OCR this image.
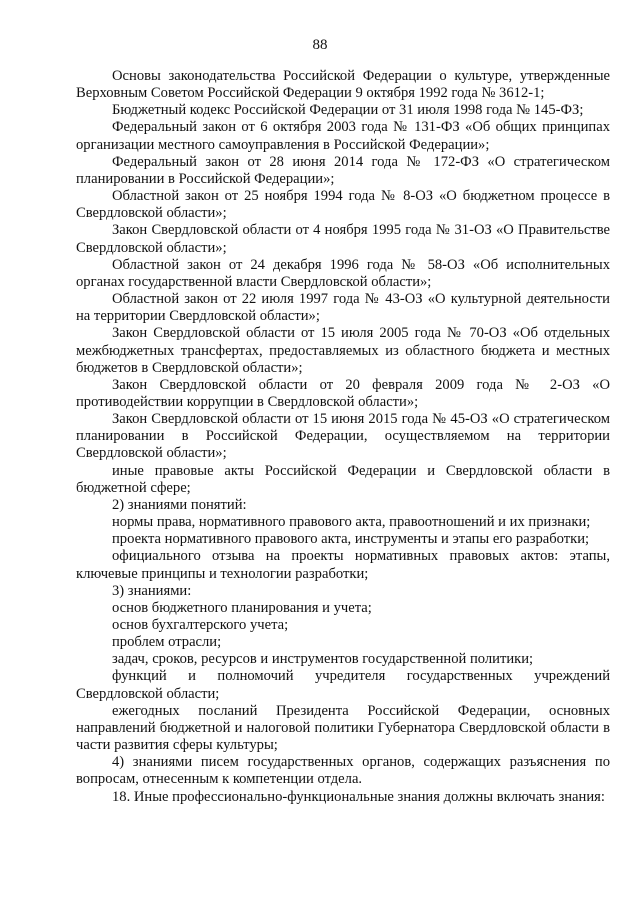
88

Основы законодательства Российской Федерации о культуре, утвержденные Верховным Советом Российской Федерации 9 октября 1992 года № 3612-1;

Бюджетный кодекс Российской Федерации от 31 июля 1998 года № 145-ФЗ;

Федеральный закон от 6 октября 2003 года № 131-ФЗ «Об общих принципах организации местного самоуправления в Российской Федерации»;

Федеральный закон от 28 июня 2014 года № 172-ФЗ «О стратегическом планировании в Российской Федерации»;

Областной закон от 25 ноября 1994 года № 8-ОЗ «О бюджетном процессе в Свердловской области»;

Закон Свердловской области от 4 ноября 1995 года № 31-ОЗ «О Правительстве Свердловской области»;

Областной закон от 24 декабря 1996 года № 58-ОЗ «Об исполнительных органах государственной власти Свердловской области»;

Областной закон от 22 июля 1997 года № 43-ОЗ «О культурной деятельности на территории Свердловской области»;

Закон Свердловской области от 15 июля 2005 года № 70-ОЗ «Об отдельных межбюджетных трансфертах, предоставляемых из областного бюджета и местных бюджетов в Свердловской области»;

Закон Свердловской области от 20 февраля 2009 года № 2-ОЗ «О противодействии коррупции в Свердловской области»;

Закон Свердловской области от 15 июня 2015 года № 45-ОЗ «О стратегическом планировании в Российской Федерации, осуществляемом на территории Свердловской области»;

иные правовые акты Российской Федерации и Свердловской области в бюджетной сфере;

2) знаниями понятий:

нормы права, нормативного правового акта, правоотношений и их признаки;

проекта нормативного правового акта, инструменты и этапы его разработки;

официального отзыва на проекты нормативных правовых актов: этапы, ключевые принципы и технологии разработки;

3) знаниями:

основ бюджетного планирования и учета;

основ бухгалтерского учета;

проблем отрасли;

задач, сроков, ресурсов и инструментов государственной политики;

функций и полномочий учредителя государственных учреждений Свердловской области;

ежегодных посланий Президента Российской Федерации, основных направлений бюджетной и налоговой политики Губернатора Свердловской области в части развития сферы культуры;

4) знаниями писем государственных органов, содержащих разъяснения по вопросам, отнесенным к компетенции отдела.

18. Иные профессионально-функциональные знания должны включать знания:
